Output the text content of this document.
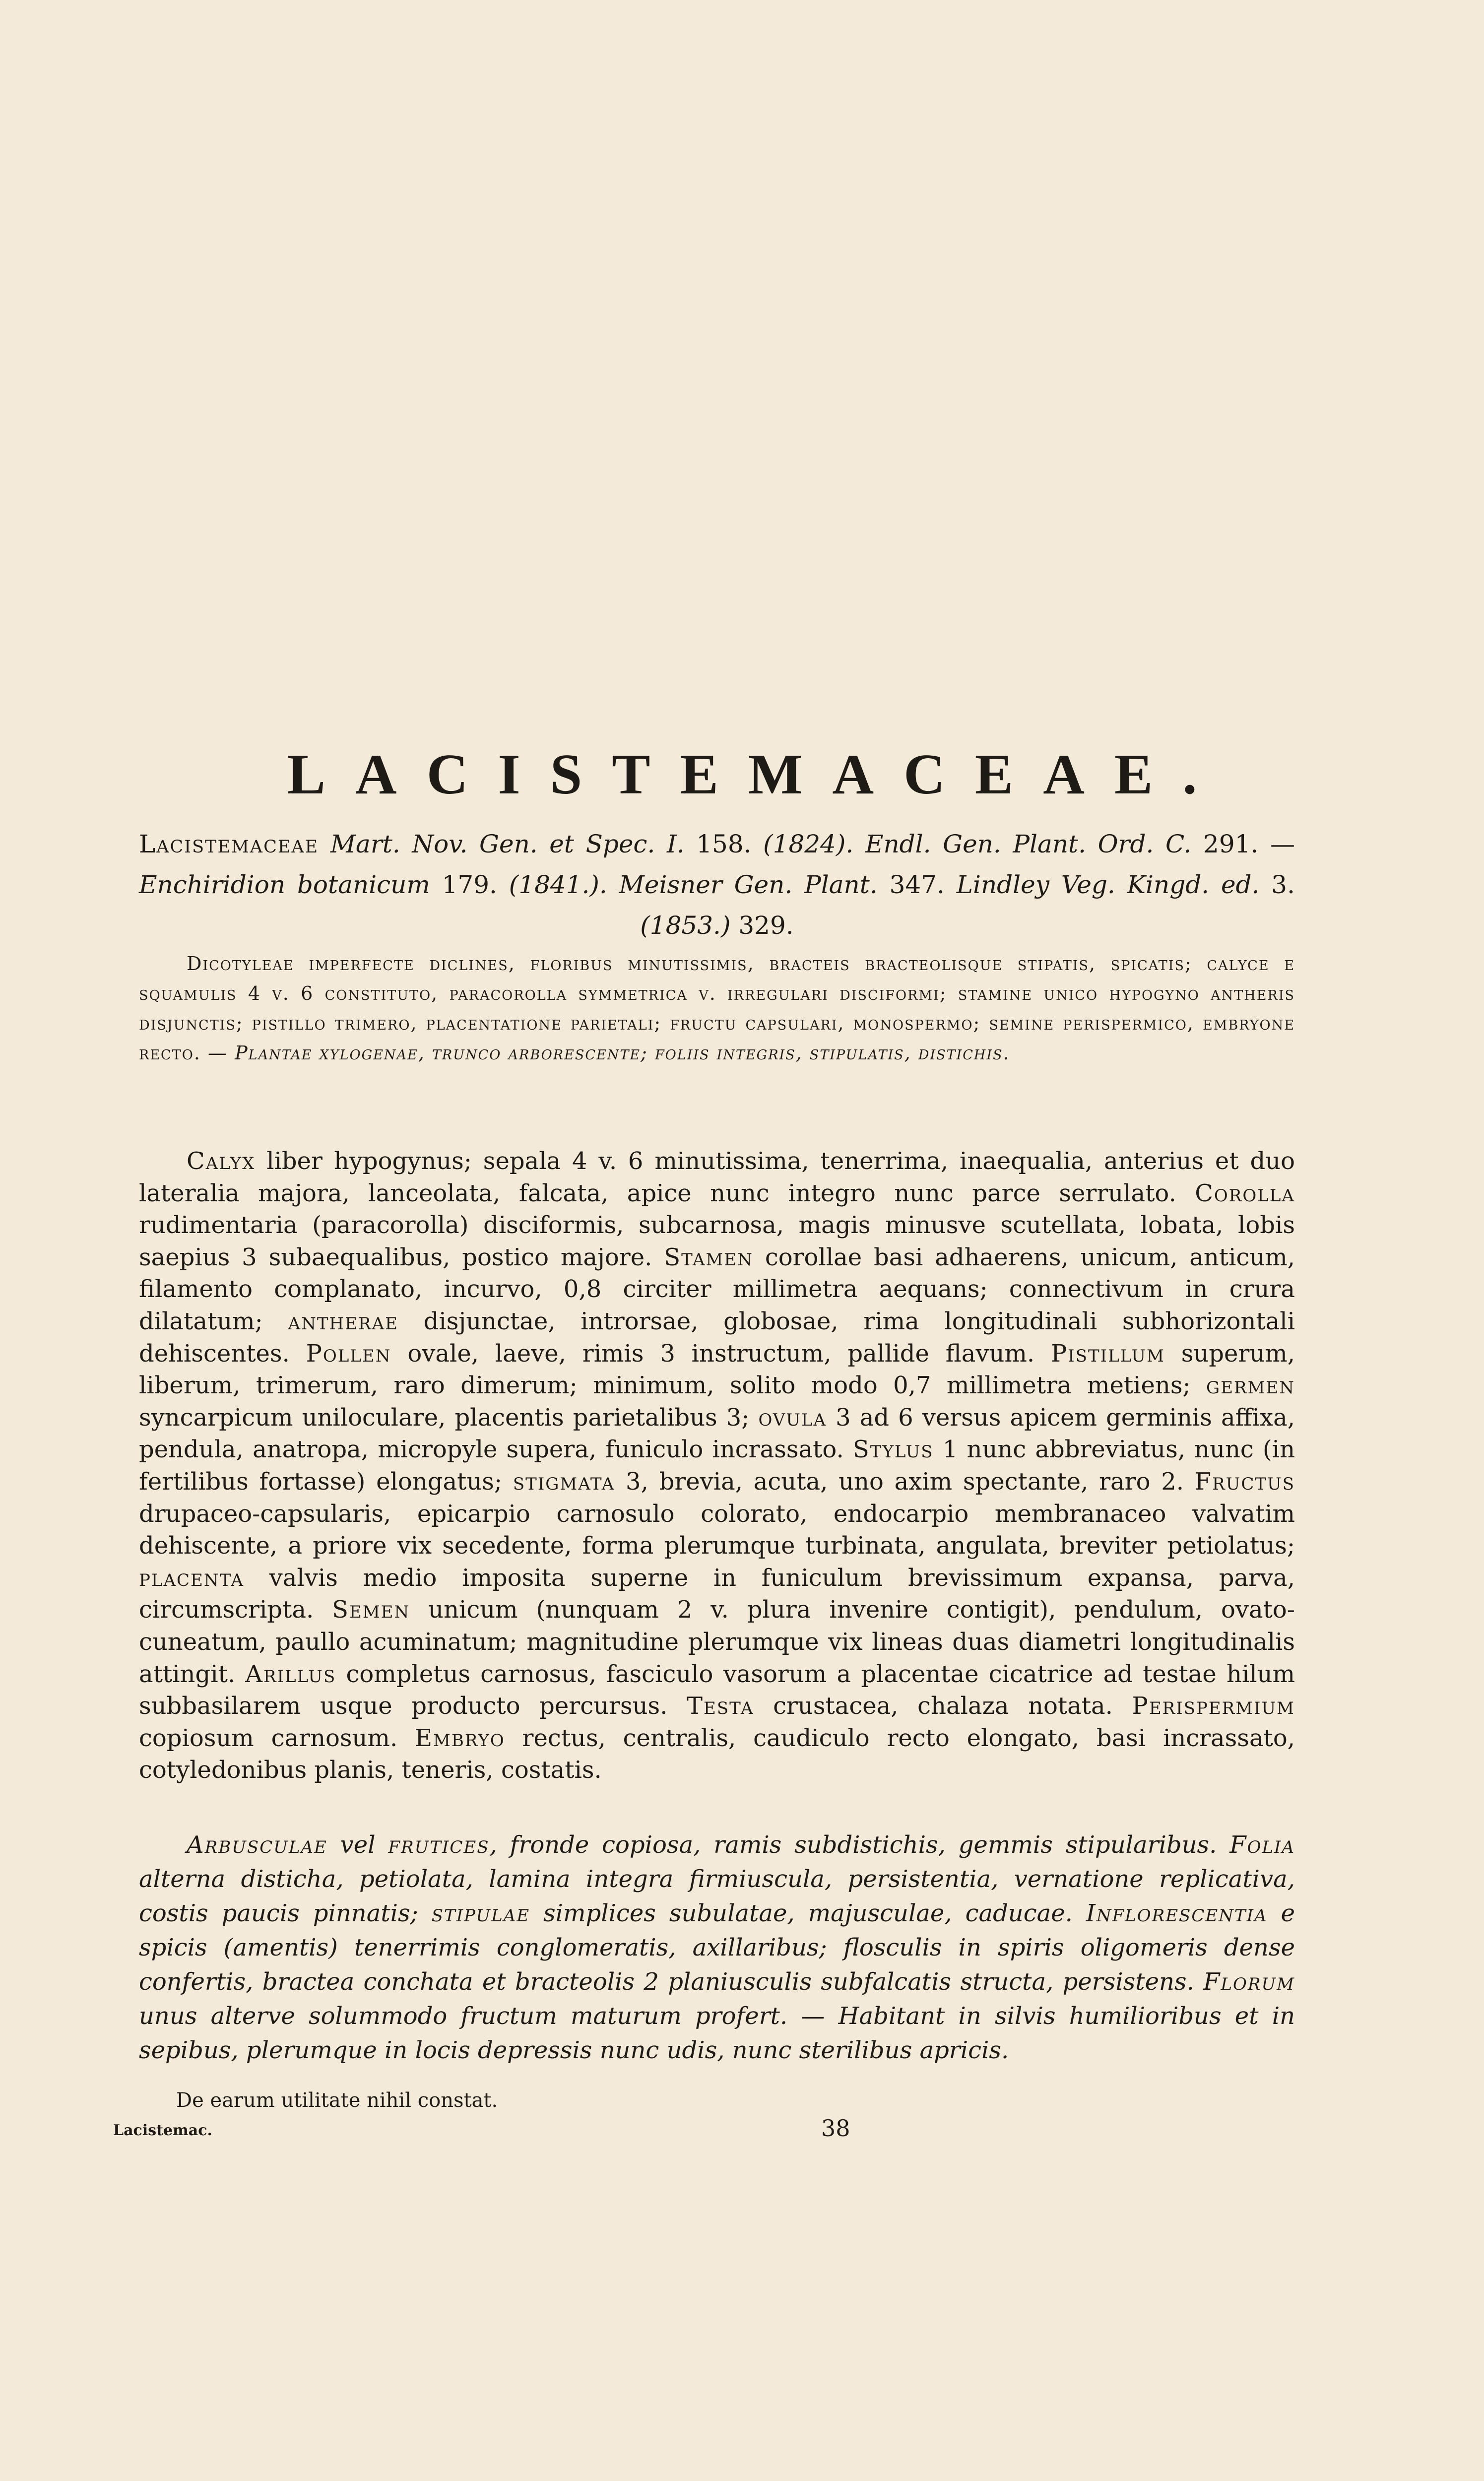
LACISTEMACEAE.
Lacistemaceae Mart. Nov. Gen. et Spec. I. 158. (1824). Endl. Gen. Plant. Ord. C. 291. — Enchiridion botanicum 179. (1841.). Meisner Gen. Plant. 347. Lindley Veg. Kingd. ed. 3. (1853.) 329.

Dicotyleae imperfecte diclines, floribus minutissimis, bracteis bracteolisque stipatis, spicatis; calyce e squamulis 4 v. 6 constituto, paracorolla symmetrica v. irregulari disciformi; stamine unico hypogyno antheris disjunctis; pistillo trimero, placentatione parietali; fructu capsulari, monospermo; semine perispermico, embryone recto. — Plantae xylogenae, trunco arborescente; foliis integris, stipulatis, distichis.

Calyx liber hypogynus; sepala 4 v. 6 minutissima, tenerrima, inaequalia, anterius et duo lateralia majora, lanceolata, falcata, apice nunc integro nunc parce serrulato. Corolla rudimentaria (paracorolla) disciformis, subcarnosa, magis minusve scutellata, lobata, lobis saepius 3 subaequalibus, postico majore. Stamen corollae basi adhaerens, unicum, anticum, filamento complanato, incurvo, 0,8 circiter millimetra aequans; connectivum in crura dilatatum; antherae disjunctae, introrsae, globosae, rima longitudinali subhorizontali dehiscentes. Pollen ovale, laeve, rimis 3 instructum, pallide flavum. Pistillum superum, liberum, trimerum, raro dimerum; minimum, solito modo 0,7 millimetra metiens; germen syncarpicum uniloculare, placentis parietalibus 3; ovula 3 ad 6 versus apicem germinis affixa, pendula, anatropa, micropyle supera, funiculo incrassato. Stylus 1 nunc abbreviatus, nunc (in fertilibus fortasse) elongatus; stigmata 3, brevia, acuta, uno axim spectante, raro 2. Fructus drupaceo-capsularis, epicarpio carnosulo colorato, endocarpio membranaceo valvatim dehiscente, a priore vix secedente, forma plerumque turbinata, angulata, breviter petiolatus; placenta valvis medio imposita superne in funiculum brevissimum expansa, parva, circumscripta. Semen unicum (nunquam 2 v. plura invenire contigit), pendulum, ovato-cuneatum, paullo acuminatum; magnitudine plerumque vix lineas duas diametri longitudinalis attingit. Arillus completus carnosus, fasciculo vasorum a placentae cicatrice ad testae hilum subbasilarem usque producto percursus. Testa crustacea, chalaza notata. Perispermium copiosum carnosum. Embryo rectus, centralis, caudiculo recto elongato, basi incrassato, cotyledonibus planis, teneris, costatis.

Arbusculae vel frutices, fronde copiosa, ramis subdistichis, gemmis stipularibus. Folia alterna disticha, petiolata, lamina integra firmiuscula, persistentia, vernatione replicativa, costis paucis pinnatis; stipulae simplices subulatae, majusculae, caducae. Inflorescentia e spicis (amentis) tenerrimis conglomeratis, axillaribus; flosculis in spiris oligomeris dense confertis, bractea conchata et bracteolis 2 planiusculis subfalcatis structa, persistens. Florum unus alterve solummodo fructum maturum profert. — Habitant in silvis humilioribus et in sepibus, plerumque in locis depressis nunc udis, nunc sterilibus apricis.

De earum utilitate nihil constat.
Lacistemac.	38
